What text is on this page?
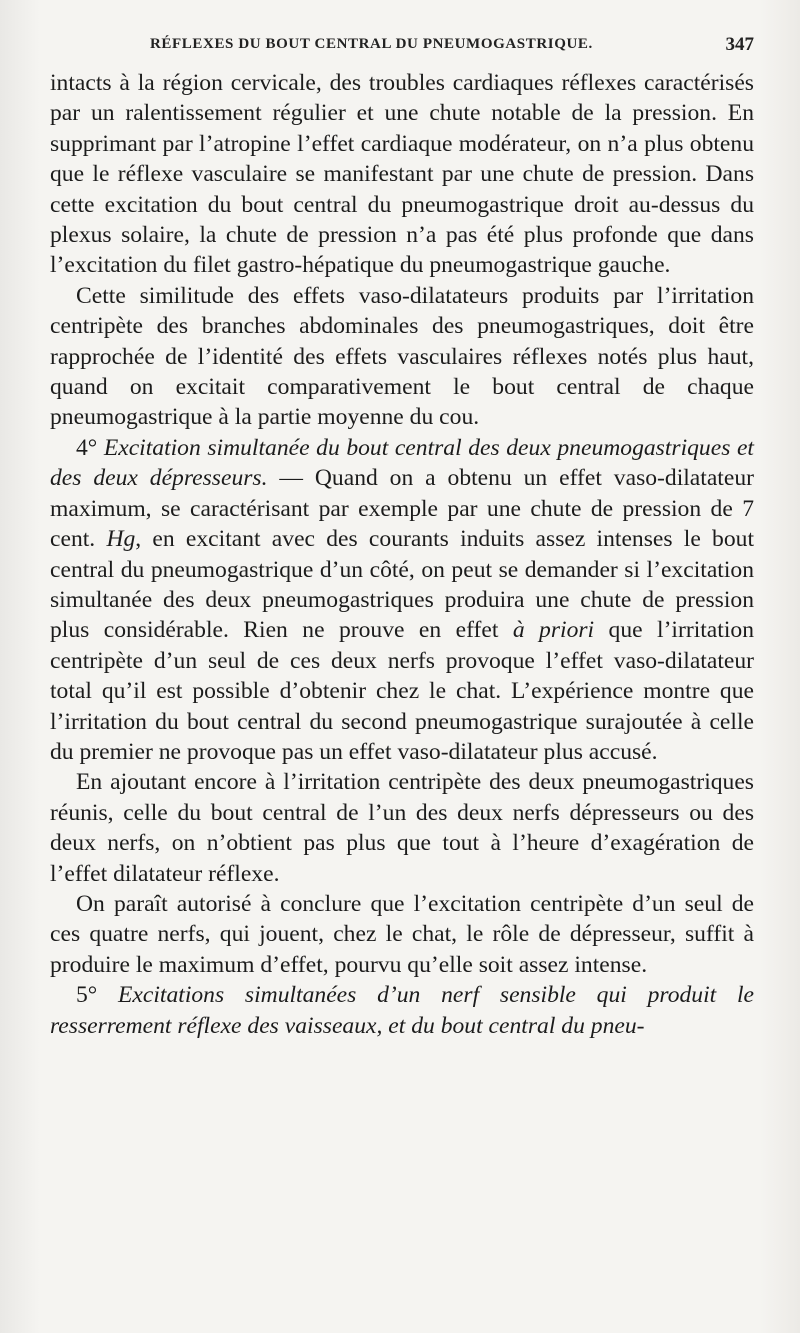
RÉFLEXES DU BOUT CENTRAL DU PNEUMOGASTRIQUE.	347

intacts à la région cervicale, des troubles cardiaques réflexes caractérisés par un ralentissement régulier et une chute notable de la pression. En supprimant par l’atropine l’effet cardiaque modérateur, on n’a plus obtenu que le réflexe vasculaire se manifestant par une chute de pression. Dans cette excitation du bout central du pneumogastrique droit au-dessus du plexus solaire, la chute de pression n’a pas été plus profonde que dans l’excitation du filet gastro-hépatique du pneumogastrique gauche.

Cette similitude des effets vaso-dilatateurs produits par l’irritation centripète des branches abdominales des pneumogastriques, doit être rapprochée de l’identité des effets vasculaires réflexes notés plus haut, quand on excitait comparativement le bout central de chaque pneumogastrique à la partie moyenne du cou.

4° Excitation simultanée du bout central des deux pneumogastriques et des deux dépresseurs. — Quand on a obtenu un effet vaso-dilatateur maximum, se caractérisant par exemple par une chute de pression de 7 cent. Hg, en excitant avec des courants induits assez intenses le bout central du pneumogastrique d’un côté, on peut se demander si l’excitation simultanée des deux pneumogastriques produira une chute de pression plus considérable. Rien ne prouve en effet à priori que l’irritation centripète d’un seul de ces deux nerfs provoque l’effet vaso-dilatateur total qu’il est possible d’obtenir chez le chat. L’expérience montre que l’irritation du bout central du second pneumogastrique surajoutée à celle du premier ne provoque pas un effet vaso-dilatateur plus accusé.

En ajoutant encore à l’irritation centripète des deux pneumogastriques réunis, celle du bout central de l’un des deux nerfs dépresseurs ou des deux nerfs, on n’obtient pas plus que tout à l’heure d’exagération de l’effet dilatateur réflexe.

On paraît autorisé à conclure que l’excitation centripète d’un seul de ces quatre nerfs, qui jouent, chez le chat, le rôle de dépresseur, suffit à produire le maximum d’effet, pourvu qu’elle soit assez intense.

5° Excitations simultanées d’un nerf sensible qui produit le resserrement réflexe des vaisseaux, et du bout central du pneu-
